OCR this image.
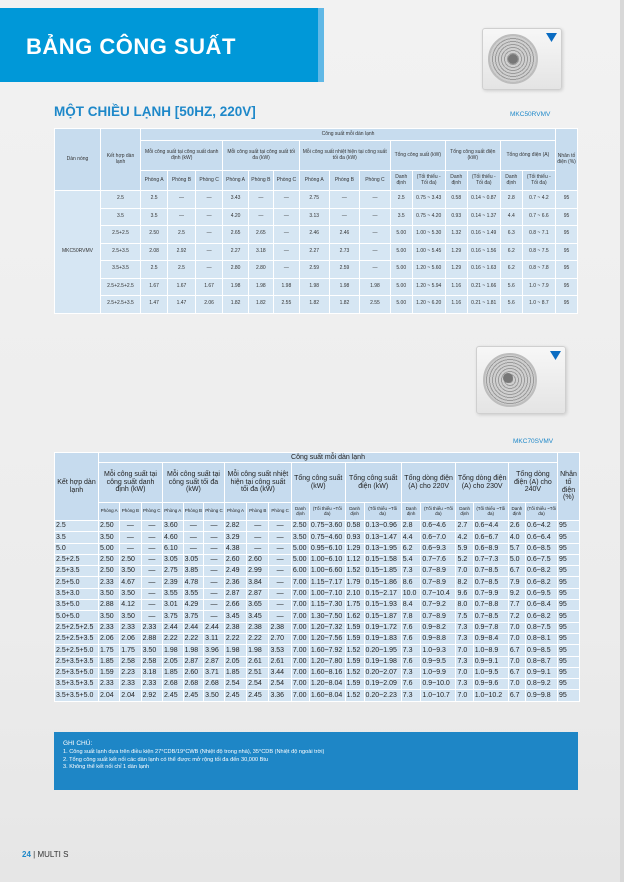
BẢNG CÔNG SUẤT
MKC50RVMV
MỘT CHIỀU LẠNH [50HZ, 220V]
Dàn nóng	Kết hợp dàn lạnh	Công suất mỗi dàn lạnh															Nhân tố điện (%)
		Mỗi công suất tại công suất danh định (kW)			Mỗi công suất tại công suất tối đa (kW)			Mỗi công suất nhiệt hiện tại công suất tối đa (kW)			Tổng công suất (kW)		Tổng công suất điện (kW)		Tổng dòng điện (A)		
		Phòng A	Phòng B	Phòng C	Phòng A	Phòng B	Phòng C	Phòng A	Phòng B	Phòng C	Danh định	(Tối thiểu - Tối đa)	Danh định	(Tối thiểu - Tối đa)	Danh định	(Tối thiểu - Tối đa)	
MKC50RVMV	2.5	2.5	—	—	3.43	—	—	2.75	—	—	2.5	0.75 ~ 3.43	0.58	0.14 ~ 0.87	2.8	0.7 ~ 4.2	95
	3.5	3.5	—	—	4.20	—	—	3.13	—	—	3.5	0.75 ~ 4.20	0.93	0.14 ~ 1.37	4.4	0.7 ~ 6.6	95
	2.5+2.5	2.50	2.5	—	2.65	2.65	—	2.46	2.46	—	5.00	1.00 ~ 5.30	1.32	0.16 ~ 1.49	6.3	0.8 ~ 7.1	95
	2.5+3.5	2.08	2.92	—	2.27	3.18	—	2.27	2.73	—	5.00	1.00 ~ 5.45	1.29	0.16 ~ 1.56	6.2	0.8 ~ 7.5	95
	3.5+3.5	2.5	2.5	—	2.80	2.80	—	2.59	2.59	—	5.00	1.20 ~ 5.60	1.29	0.16 ~ 1.63	6.2	0.8 ~ 7.8	95
	2.5+2.5+2.5	1.67	1.67	1.67	1.98	1.98	1.98	1.98	1.98	1.98	5.00	1.20 ~ 5.94	1.16	0.21 ~ 1.66	5.6	1.0 ~ 7.9	95
	2.5+2.5+3.5	1.47	1.47	2.06	1.82	1.82	2.55	1.82	1.82	2.55	5.00	1.20 ~ 6.20	1.16	0.21 ~ 1.81	5.6	1.0 ~ 8.7	95
MKC70SVMV
Kết hợp dàn lạnh	Công suất mỗi dàn lạnh																			Nhân tố điện (%)
	Mỗi công suất tại công suất danh định (kW)			Mỗi công suất tại công suất tối đa (kW)			Mỗi công suất nhiệt hiện tại công suất tối đa (kW)			Tổng công suất (kW)		Tổng công suất điện (kW)		Tổng dòng điện (A) cho 220V		Tổng dòng điện (A) cho 230V		Tổng dòng điện (A) cho 240V		
	Phòng A	Phòng B	Phòng C	Phòng A	Phòng B	Phòng C	Phòng A	Phòng B	Phòng C	Danh định	(Tối thiểu ~Tối đa)	Danh định	(Tối thiểu ~Tối đa)	Danh định	(Tối thiểu ~Tối đa)	Danh định	(Tối thiểu ~Tối đa)	Danh định	(Tối thiểu ~Tối đa)	
2.5	2.50	—	—	3.60	—	—	2.82	—	—	2.50	0.75~3.60	0.58	0.13~0.96	2.8	0.6~4.6	2.7	0.6~4.4	2.6	0.6~4.2	95
3.5	3.50	—	—	4.60	—	—	3.29	—	—	3.50	0.75~4.60	0.93	0.13~1.47	4.4	0.6~7.0	4.2	0.6~6.7	4.0	0.6~6.4	95
5.0	5.00	—	—	6.10	—	—	4.38	—	—	5.00	0.95~6.10	1.29	0.13~1.95	6.2	0.6~9.3	5.9	0.6~8.9	5.7	0.6~8.5	95
2.5+2.5	2.50	2.50	—	3.05	3.05	—	2.60	2.60	—	5.00	1.00~6.10	1.12	0.15~1.58	5.4	0.7~7.6	5.2	0.7~7.3	5.0	0.6~7.5	95
2.5+3.5	2.50	3.50	—	2.75	3.85	—	2.49	2.99	—	6.00	1.00~6.60	1.52	0.15~1.85	7.3	0.7~8.9	7.0	0.7~8.5	6.7	0.6~8.2	95
2.5+5.0	2.33	4.67	—	2.39	4.78	—	2.36	3.84	—	7.00	1.15~7.17	1.79	0.15~1.86	8.6	0.7~8.9	8.2	0.7~8.5	7.9	0.6~8.2	95
3.5+3.0	3.50	3.50	—	3.55	3.55	—	2.87	2.87	—	7.00	1.00~7.10	2.10	0.15~2.17	10.0	0.7~10.4	9.6	0.7~9.9	9.2	0.6~9.5	95
3.5+5.0	2.88	4.12	—	3.01	4.29	—	2.66	3.65	—	7.00	1.15~7.30	1.75	0.15~1.93	8.4	0.7~9.2	8.0	0.7~8.8	7.7	0.6~8.4	95
5.0+5.0	3.50	3.50	—	3.75	3.75	—	3.45	3.45	—	7.00	1.30~7.50	1.62	0.15~1.87	7.8	0.7~8.9	7.5	0.7~8.5	7.2	0.6~8.2	95
2.5+2.5+2.5	2.33	2.33	2.33	2.44	2.44	2.44	2.38	2.38	2.38	7.00	1.20~7.32	1.59	0.19~1.72	7.6	0.9~8.2	7.3	0.9~7.8	7.0	0.8~7.5	95
2.5+2.5+3.5	2.06	2.06	2.88	2.22	2.22	3.11	2.22	2.22	2.70	7.00	1.20~7.56	1.59	0.19~1.83	7.6	0.9~8.8	7.3	0.9~8.4	7.0	0.8~8.1	95
2.5+2.5+5.0	1.75	1.75	3.50	1.98	1.98	3.96	1.98	1.98	3.53	7.00	1.60~7.92	1.52	0.20~1.95	7.3	1.0~9.3	7.0	1.0~8.9	6.7	0.9~8.5	95
2.5+3.5+3.5	1.85	2.58	2.58	2.05	2.87	2.87	2.05	2.61	2.61	7.00	1.20~7.80	1.59	0.19~1.98	7.6	0.9~9.5	7.3	0.9~9.1	7.0	0.8~8.7	95
2.5+3.5+5.0	1.59	2.23	3.18	1.85	2.60	3.71	1.85	2.51	3.44	7.00	1.60~8.16	1.52	0.20~2.07	7.3	1.0~9.9	7.0	1.0~9.5	6.7	0.9~9.1	95
3.5+3.5+3.5	2.33	2.33	2.33	2.68	2.68	2.68	2.54	2.54	2.54	7.00	1.20~8.04	1.59	0.19~2.09	7.6	0.9~10.0	7.3	0.9~9.6	7.0	0.8~9.2	95
3.5+3.5+5.0	2.04	2.04	2.92	2.45	2.45	3.50	2.45	2.45	3.36	7.00	1.60~8.04	1.52	0.20~2.23	7.3	1.0~10.7	7.0	1.0~10.2	6.7	0.9~9.8	95
GHI CHÚ:
1. Công suất lạnh dựa trên điều kiện 27°CDB/19°CWB (Nhiệt độ trong nhà), 35°CDB (Nhiệt độ ngoài trời)
2. Tổng công suất kết nối các dàn lạnh có thể được mở rộng tối đa đến 30,000 Btu
3. Không thể kết nối chỉ 1 dàn lạnh
24 | MULTI S
